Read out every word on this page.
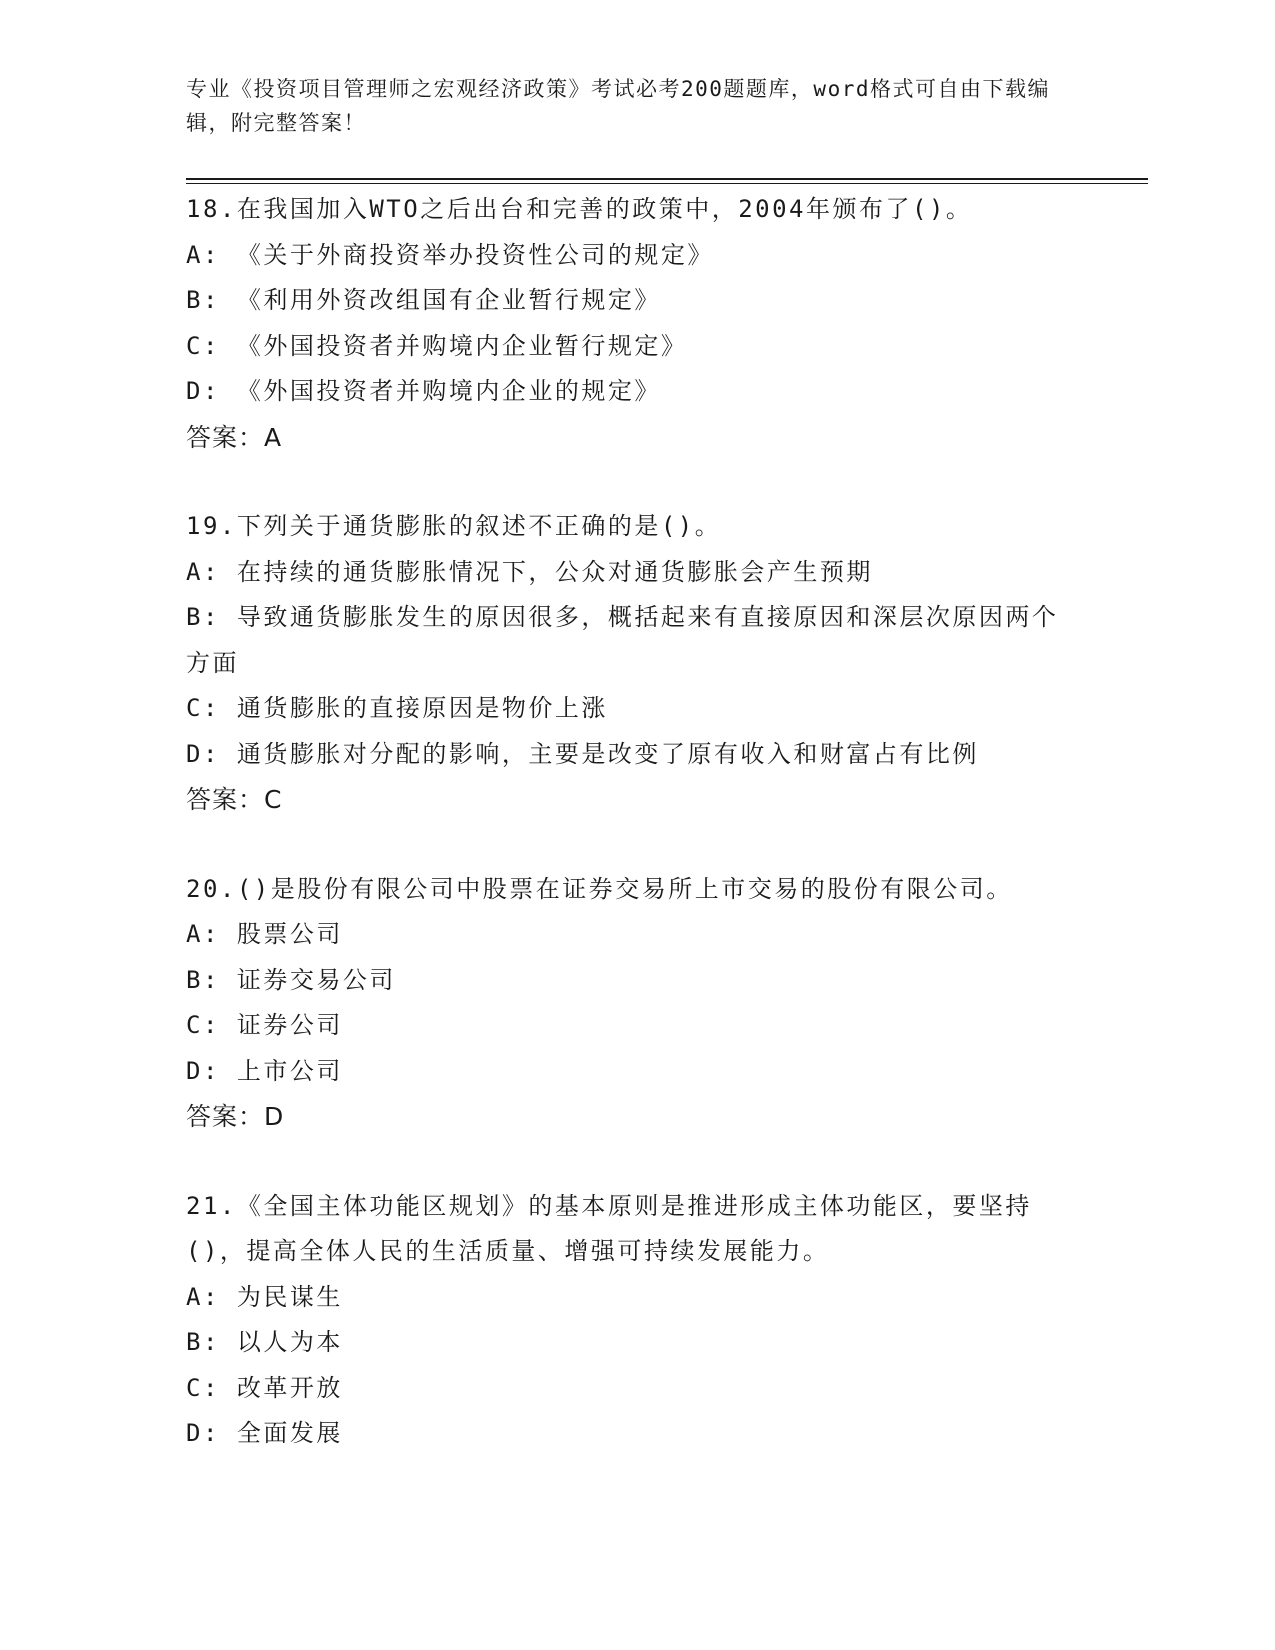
专业《投资项目管理师之宏观经济政策》考试必考200题题库，word格式可自由下载编辑，附完整答案！
18.在我国加入WTO之后出台和完善的政策中，2004年颁布了()。
A: 《关于外商投资举办投资性公司的规定》
B: 《利用外资改组国有企业暂行规定》
C: 《外国投资者并购境内企业暂行规定》
D: 《外国投资者并购境内企业的规定》
答案：A
19.下列关于通货膨胀的叙述不正确的是()。
A: 在持续的通货膨胀情况下，公众对通货膨胀会产生预期
B: 导致通货膨胀发生的原因很多，概括起来有直接原因和深层次原因两个方面
C: 通货膨胀的直接原因是物价上涨
D: 通货膨胀对分配的影响，主要是改变了原有收入和财富占有比例
答案：C
20.()是股份有限公司中股票在证券交易所上市交易的股份有限公司。
A: 股票公司
B: 证券交易公司
C: 证券公司
D: 上市公司
答案：D
21.《全国主体功能区规划》的基本原则是推进形成主体功能区，要坚持()，提高全体人民的生活质量、增强可持续发展能力。
A: 为民谋生
B: 以人为本
C: 改革开放
D: 全面发展
